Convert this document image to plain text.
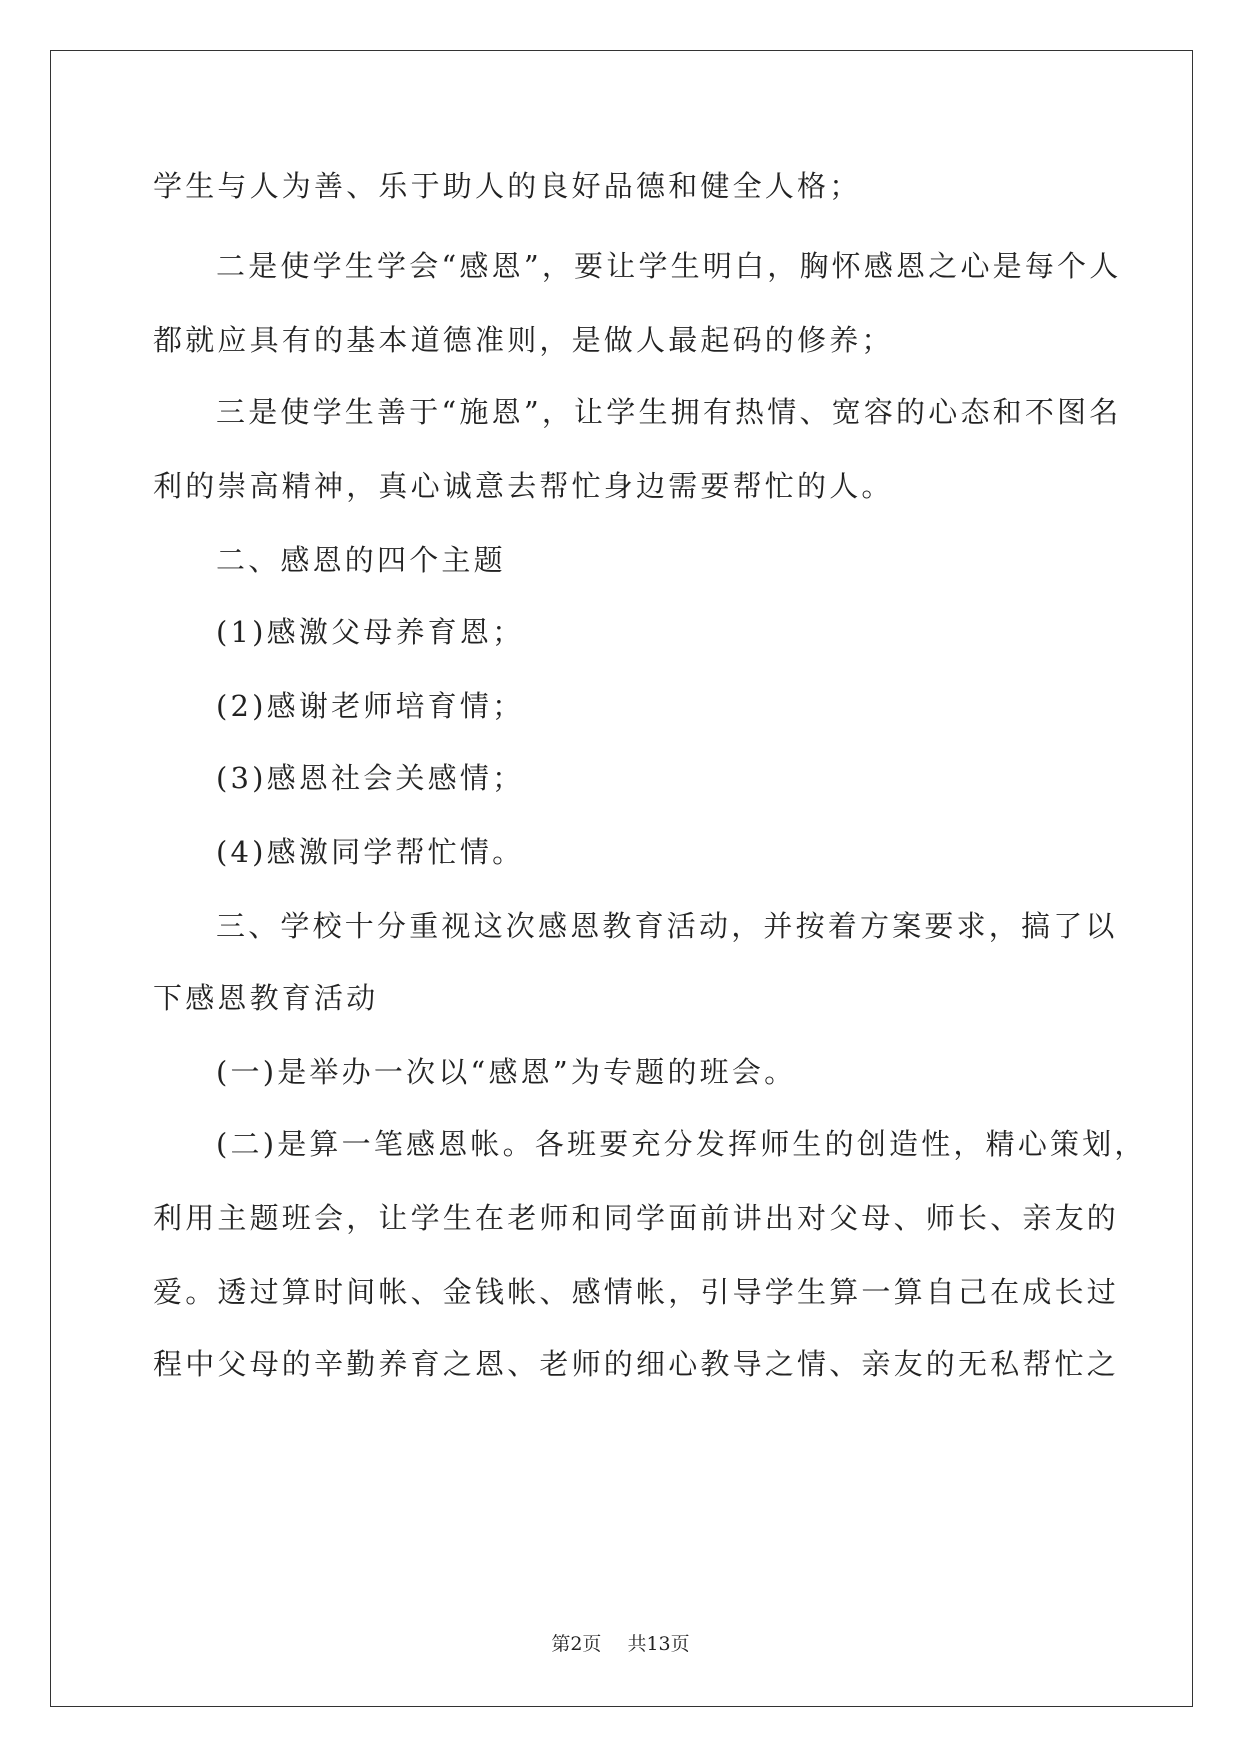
学生与人为善、乐于助人的良好品德和健全人格；
二是使学生学会“感恩”，要让学生明白，胸怀感恩之心是每个人
都就应具有的基本道德准则，是做人最起码的修养；
三是使学生善于“施恩”，让学生拥有热情、宽容的心态和不图名
利的崇高精神，真心诚意去帮忙身边需要帮忙的人。
二、感恩的四个主题
(1)感激父母养育恩；
(2)感谢老师培育情；
(3)感恩社会关感情；
(4)感激同学帮忙情。
三、学校十分重视这次感恩教育活动，并按着方案要求，搞了以
下感恩教育活动
(一)是举办一次以“感恩”为专题的班会。
(二)是算一笔感恩帐。各班要充分发挥师生的创造性，精心策划，
利用主题班会，让学生在老师和同学面前讲出对父母、师长、亲友的
爱。透过算时间帐、金钱帐、感情帐，引导学生算一算自己在成长过
程中父母的辛勤养育之恩、老师的细心教导之情、亲友的无私帮忙之
第2页 共13页
